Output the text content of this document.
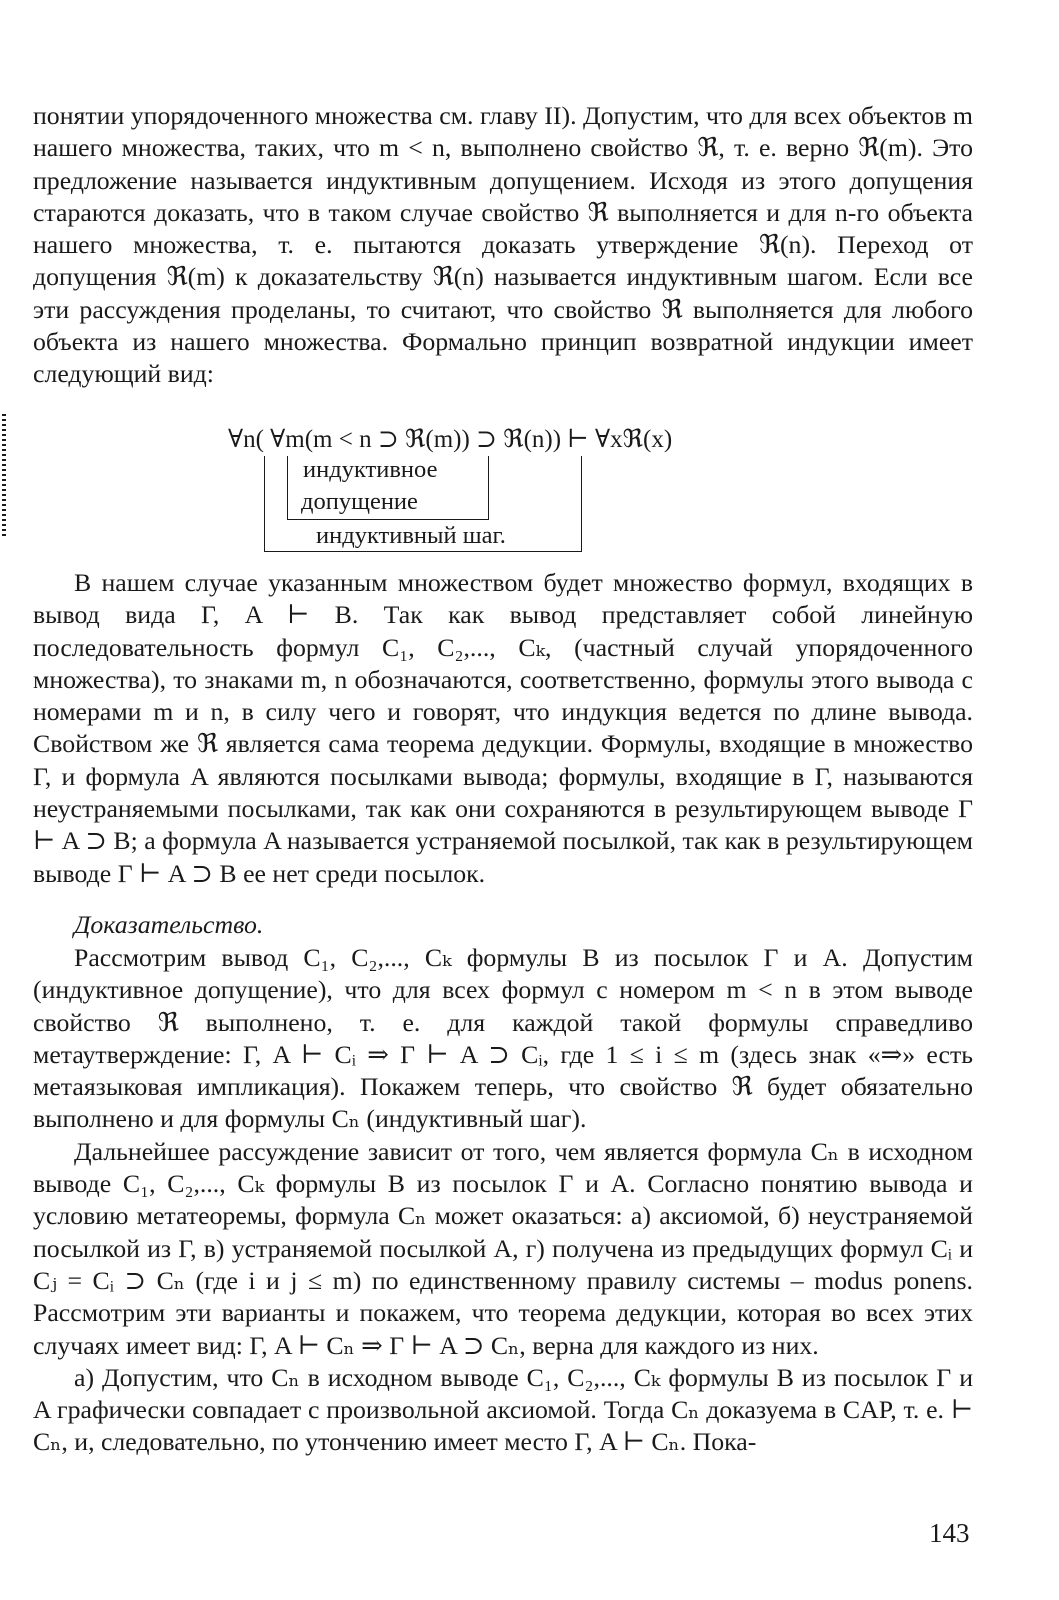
понятии упорядоченного множества см. главу II). Допустим, что для всех объектов m нашего множества, таких, что m < n, выполнено свойство ℜ, т. е. верно ℜ(m). Это предложение называется индуктивным допущением. Исходя из этого допущения стараются доказать, что в таком случае свойство ℜ выполняется и для n-го объекта нашего множества, т. е. пытаются доказать утверждение ℜ(n). Переход от допущения ℜ(m) к доказательству ℜ(n) называется индуктивным шагом. Если все эти рассуждения проделаны, то считают, что свойство ℜ выполняется для любого объекта из нашего множества. Формально принцип возвратной индукции имеет следующий вид:

∀n( ∀m(m < n ⊃ ℜ(m)) ⊃ ℜ(n)) ⊢ ∀xℜ(x)
индуктивное
допущение
индуктивный шаг.

В нашем случае указанным множеством будет множество формул, входящих в вывод вида Γ, A ⊢ B. Так как вывод представляет собой линейную последовательность формул C₁, C₂,..., Cₖ, (частный случай упорядоченного множества), то знаками m, n обозначаются, соответственно, формулы этого вывода с номерами m и n, в силу чего и говорят, что индукция ведется по длине вывода. Свойством же ℜ является сама теорема дедукции. Формулы, входящие в множество Γ, и формула A являются посылками вывода; формулы, входящие в Γ, называются неустраняемыми посылками, так как они сохраняются в результирующем выводе Γ ⊢ A ⊃ B; а формула A называется устраняемой посылкой, так как в результирующем выводе Γ ⊢ A ⊃ B ее нет среди посылок.

Доказательство.

Рассмотрим вывод C₁, C₂,..., Cₖ формулы B из посылок Γ и A. Допустим (индуктивное допущение), что для всех формул с номером m < n в этом выводе свойство ℜ выполнено, т. е. для каждой такой формулы справедливо метаутверждение: Γ, A ⊢ Cᵢ ⇒ Γ ⊢ A ⊃ Cᵢ, где 1 ≤ i ≤ m (здесь знак «⇒» есть метаязыковая импликация). Покажем теперь, что свойство ℜ будет обязательно выполнено и для формулы Cₙ (индуктивный шаг).

Дальнейшее рассуждение зависит от того, чем является формула Cₙ в исходном выводе C₁, C₂,..., Cₖ формулы B из посылок Γ и A. Согласно понятию вывода и условию метатеоремы, формула Cₙ может оказаться: а) аксиомой, б) неустраняемой посылкой из Γ, в) устраняемой посылкой A, г) получена из предыдущих формул Cᵢ и Cⱼ = Cᵢ ⊃ Cₙ (где i и j ≤ m) по единственному правилу системы – modus ponens. Рассмотрим эти варианты и покажем, что теорема дедукции, которая во всех этих случаях имеет вид: Γ, A ⊢ Cₙ ⇒ Γ ⊢ A ⊃ Cₙ, верна для каждого из них.

а) Допустим, что Cₙ в исходном выводе C₁, C₂,..., Cₖ формулы B из посылок Γ и A графически совпадает с произвольной аксиомой. Тогда Cₙ доказуема в CAP, т. е. ⊢ Cₙ, и, следовательно, по утончению имеет место Γ, A ⊢ Cₙ. Пока-

143
